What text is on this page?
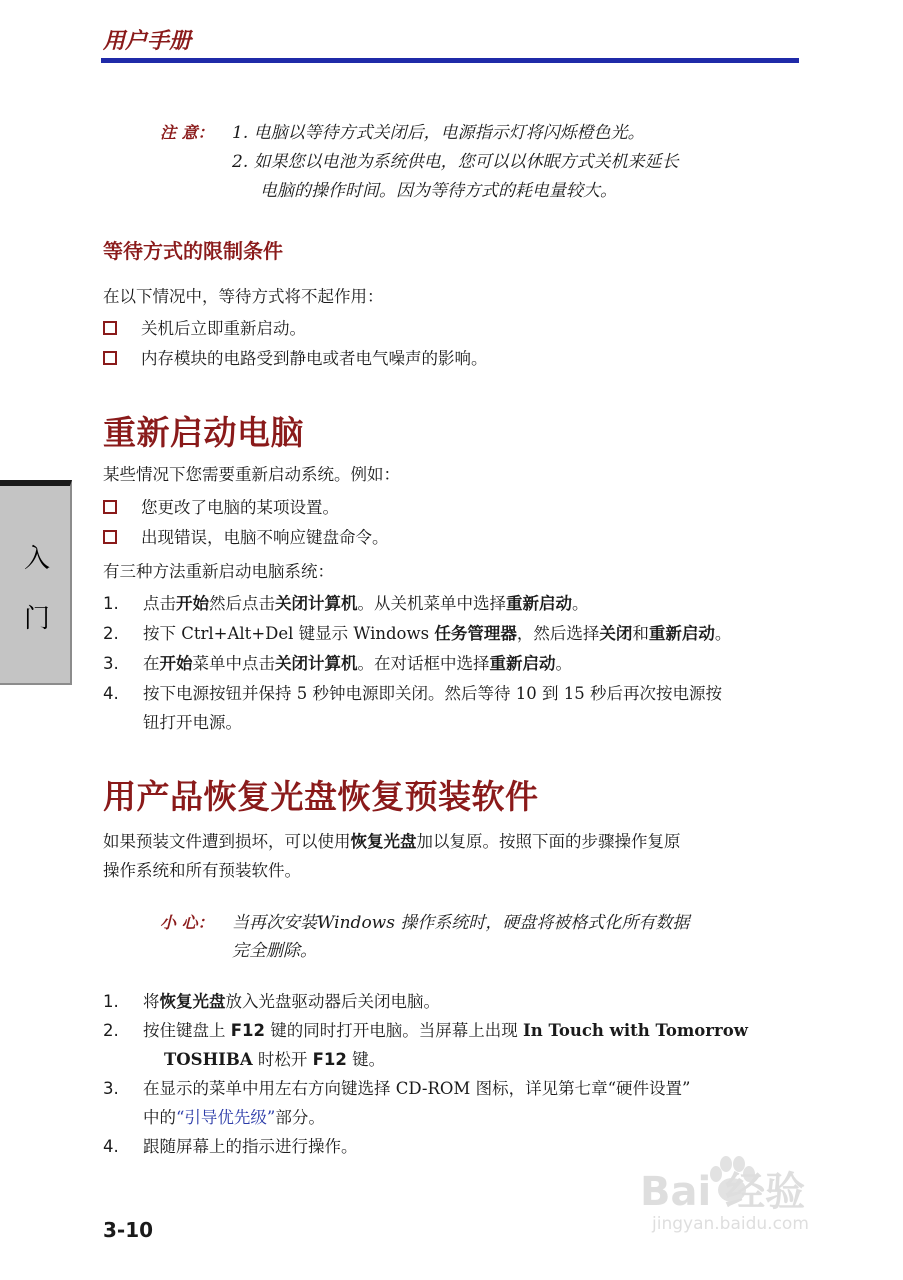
用户手册
注 意： 1. 电脑以等待方式关闭后，电源指示灯将闪烁橙色光。
2. 如果您以电池为系统供电，您可以以休眠方式关机来延长
电脑的操作时间。因为等待方式的耗电量较大。
等待方式的限制条件
在以下情况中，等待方式将不起作用：
关机后立即重新启动。
内存模块的电路受到静电或者电气噪声的影响。
重新启动电脑
某些情况下您需要重新启动系统。例如：
您更改了电脑的某项设置。
出现错误，电脑不响应键盘命令。
有三种方法重新启动电脑系统：
1. 点击开始然后点击关闭计算机。从关机菜单中选择重新启动。
2. 按下 Ctrl+Alt+Del 键显示 Windows 任务管理器，然后选择关闭和重新启动。
3. 在开始菜单中点击关闭计算机。在对话框中选择重新启动。
4. 按下电源按钮并保持 5 秒钟电源即关闭。然后等待 10 到 15 秒后再次按电源按
钮打开电源。
用产品恢复光盘恢复预装软件
如果预装文件遭到损坏，可以使用恢复光盘加以复原。按照下面的步骤操作复原
操作系统和所有预装软件。
小 心： 当再次安装Windows 操作系统时，硬盘将被格式化所有数据
完全删除。
1. 将恢复光盘放入光盘驱动器后关闭电脑。
2. 按住键盘上 F12 键的同时打开电脑。当屏幕上出现 In Touch with Tomorrow
TOSHIBA 时松开 F12 键。
3. 在显示的菜单中用左右方向键选择 CD-ROM 图标，详见第七章“硬件设置”
中的“引导优先级”部分。
4. 跟随屏幕上的指示进行操作。
入
门
3-10
Bai 经验
jingyan.baidu.com
